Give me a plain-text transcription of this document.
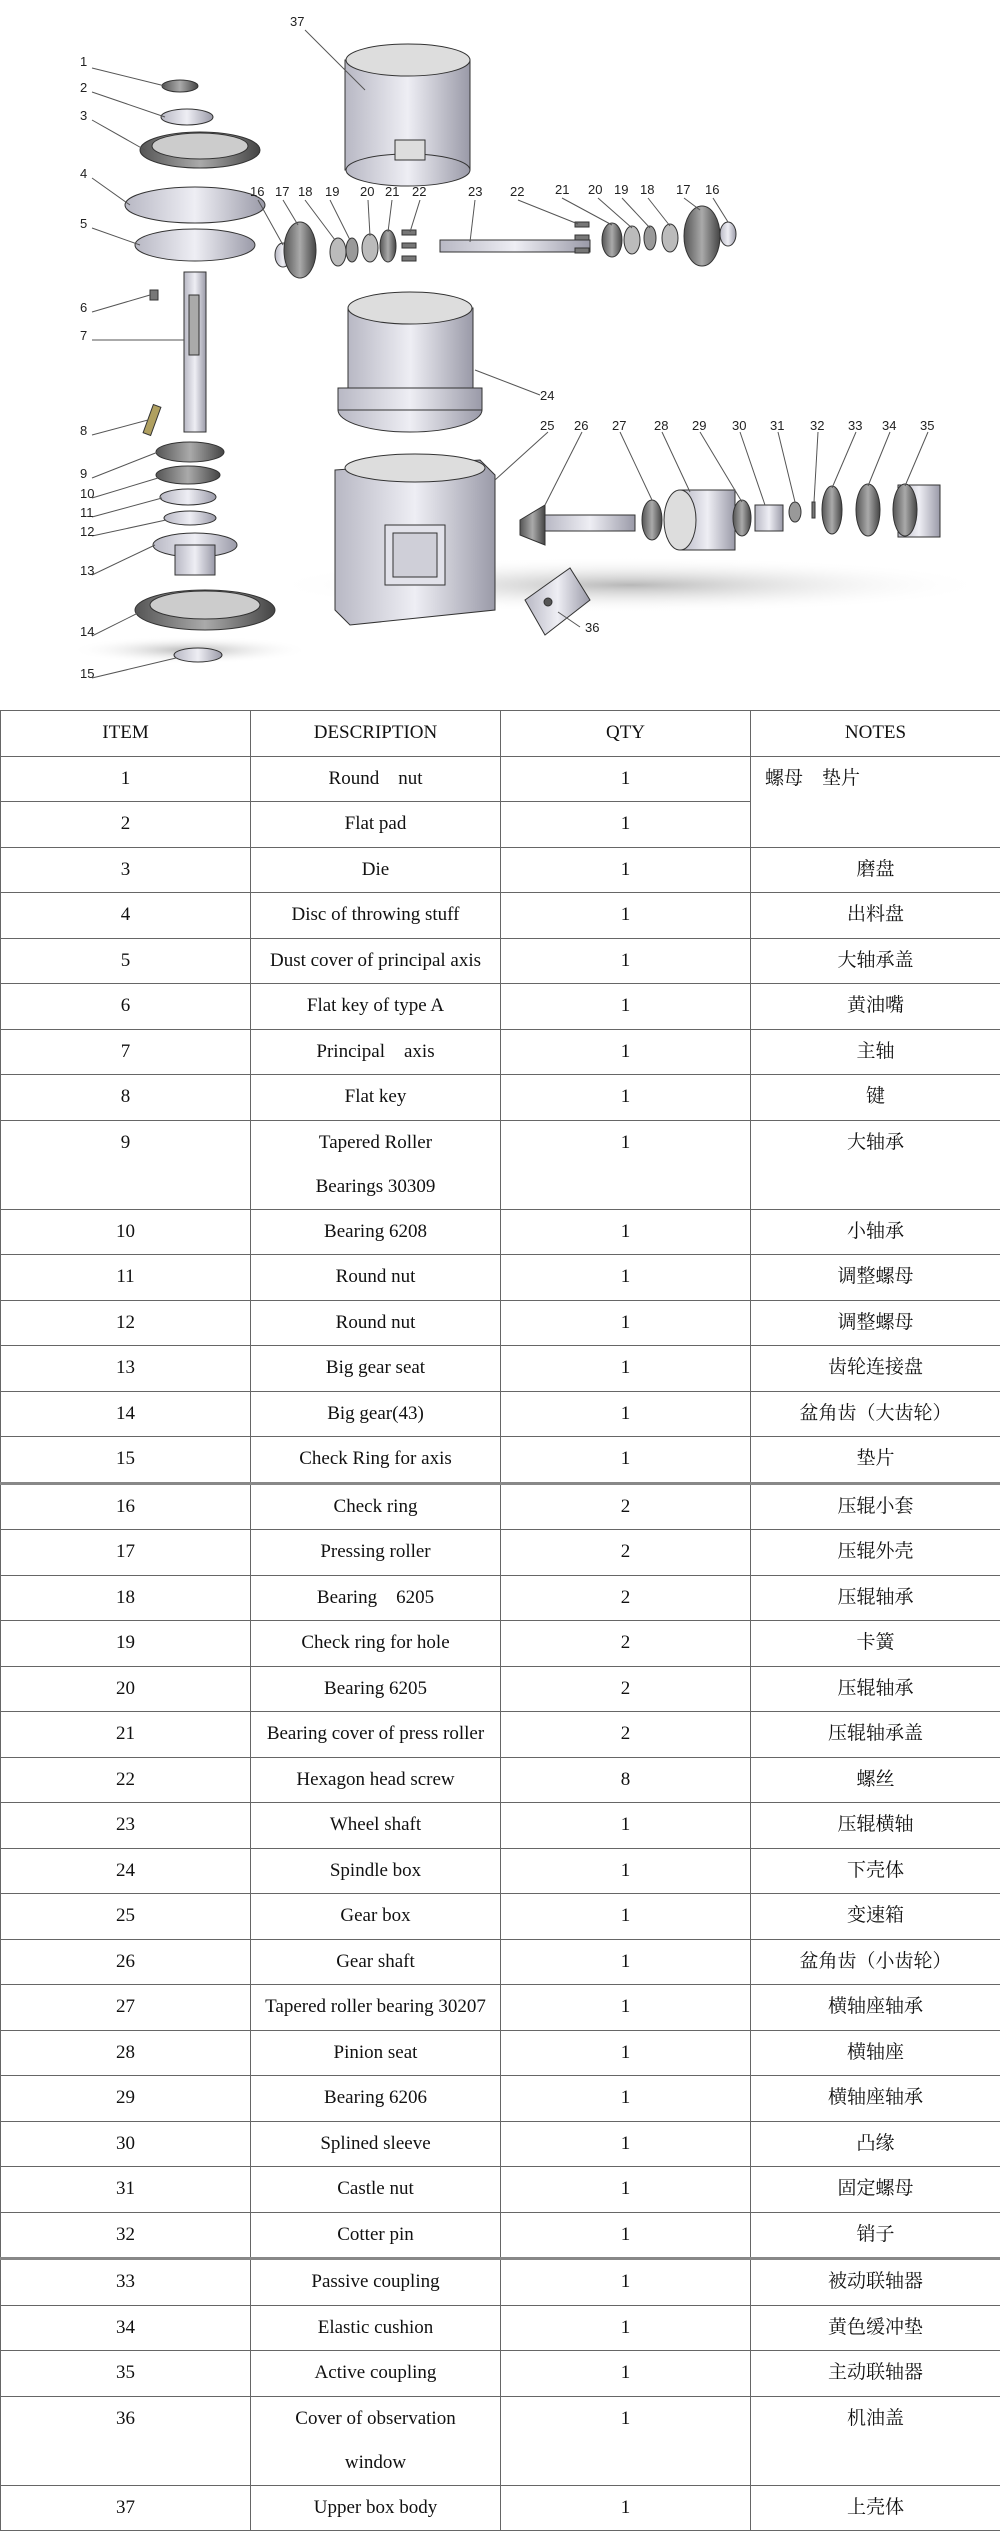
1
2
3
4
5
6
7
8
9
10
11
12
13
14
15
16 17 18 19 20 21 22	23 22 21 20 19 18 17 16
24
25 26 27 28 29 30 31 32 33 34 35
36
37
ITEM	DESCRIPTION	QTY	NOTES
1	Round　nut	1	螺母　垫片
2	Flat pad	1	
3	Die	1	磨盘
4	Disc of throwing stuff	1	出料盘
5	Dust cover of principal axis	1	大轴承盖
6	Flat key of type A	1	黄油嘴
7	Principal　axis	1	主轴
8	Flat key	1	键
9	Tapered Roller Bearings 30309	1	大轴承
10	Bearing 6208	1	小轴承
11	Round nut	1	调整螺母
12	Round nut	1	调整螺母
13	Big gear seat	1	齿轮连接盘
14	Big gear(43)	1	盆角齿（大齿轮）
15	Check Ring for axis	1	垫片
16	Check ring	2	压辊小套
17	Pressing roller	2	压辊外壳
18	Bearing　6205	2	压辊轴承
19	Check ring for hole	2	卡簧
20	Bearing 6205	2	压辊轴承
21	Bearing cover of press roller	2	压辊轴承盖
22	Hexagon head screw	8	螺丝
23	Wheel shaft	1	压辊横轴
24	Spindle box	1	下壳体
25	Gear box	1	变速箱
26	Gear shaft	1	盆角齿（小齿轮）
27	Tapered roller bearing 30207	1	横轴座轴承
28	Pinion seat	1	横轴座
29	Bearing 6206	1	横轴座轴承
30	Splined sleeve	1	凸缘
31	Castle nut	1	固定螺母
32	Cotter pin	1	销子
33	Passive coupling	1	被动联轴器
34	Elastic cushion	1	黄色缓冲垫
35	Active coupling	1	主动联轴器
36	Cover of observation window	1	机油盖
37	Upper box body	1	上壳体
